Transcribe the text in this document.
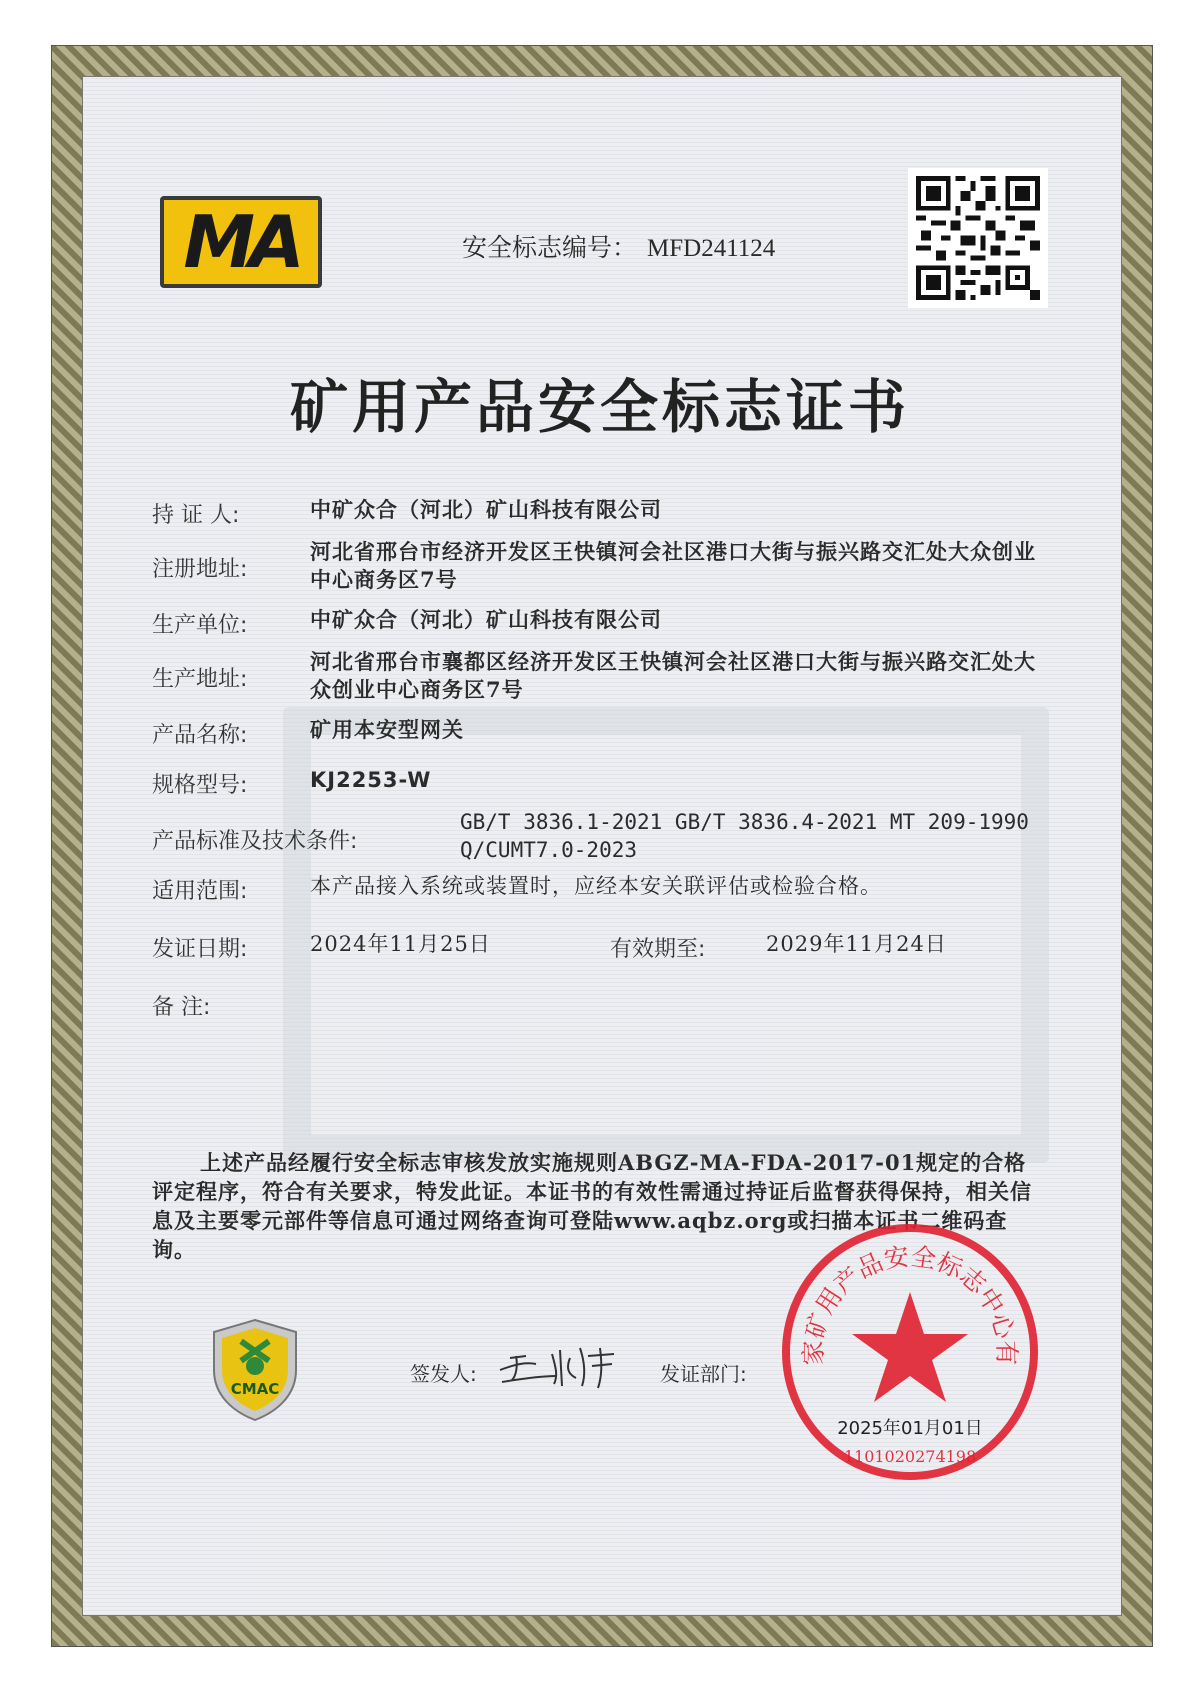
MA	安全标志编号： MFD241124
矿用产品安全标志证书
持 证 人:	中矿众合（河北）矿山科技有限公司
注册地址:
河北省邢台市经济开发区王快镇河会社区港口大街与振兴路交汇处大众创业中心商务区7号
生产单位:	中矿众合（河北）矿山科技有限公司
生产地址:
河北省邢台市襄都区经济开发区王快镇河会社区港口大街与振兴路交汇处大众创业中心商务区7号
产品名称:	矿用本安型网关
规格型号:	KJ2253-W
产品标准及技术条件:
GB/T 3836.1-2021 GB/T 3836.4-2021 MT 209-1990 Q/CUMT7.0-2023
适用范围:	本产品接入系统或装置时，应经本安关联评估或检验合格。
发证日期:	2024年11月25日	有效期至:	2029年11月24日
备 注:
上述产品经履行安全标志审核发放实施规则ABGZ-MA-FDA-2017-01规定的合格评定程序，符合有关要求，特发此证。本证书的有效性需通过持证后监督获得保持，相关信息及主要零元部件等信息可通过网络查询可登陆www.aqbz.org或扫描本证书二维码查询。
CMAC
签发人:	发证部门:
家矿用产品安全标志中心有
2025年01月01日
1101020274198
